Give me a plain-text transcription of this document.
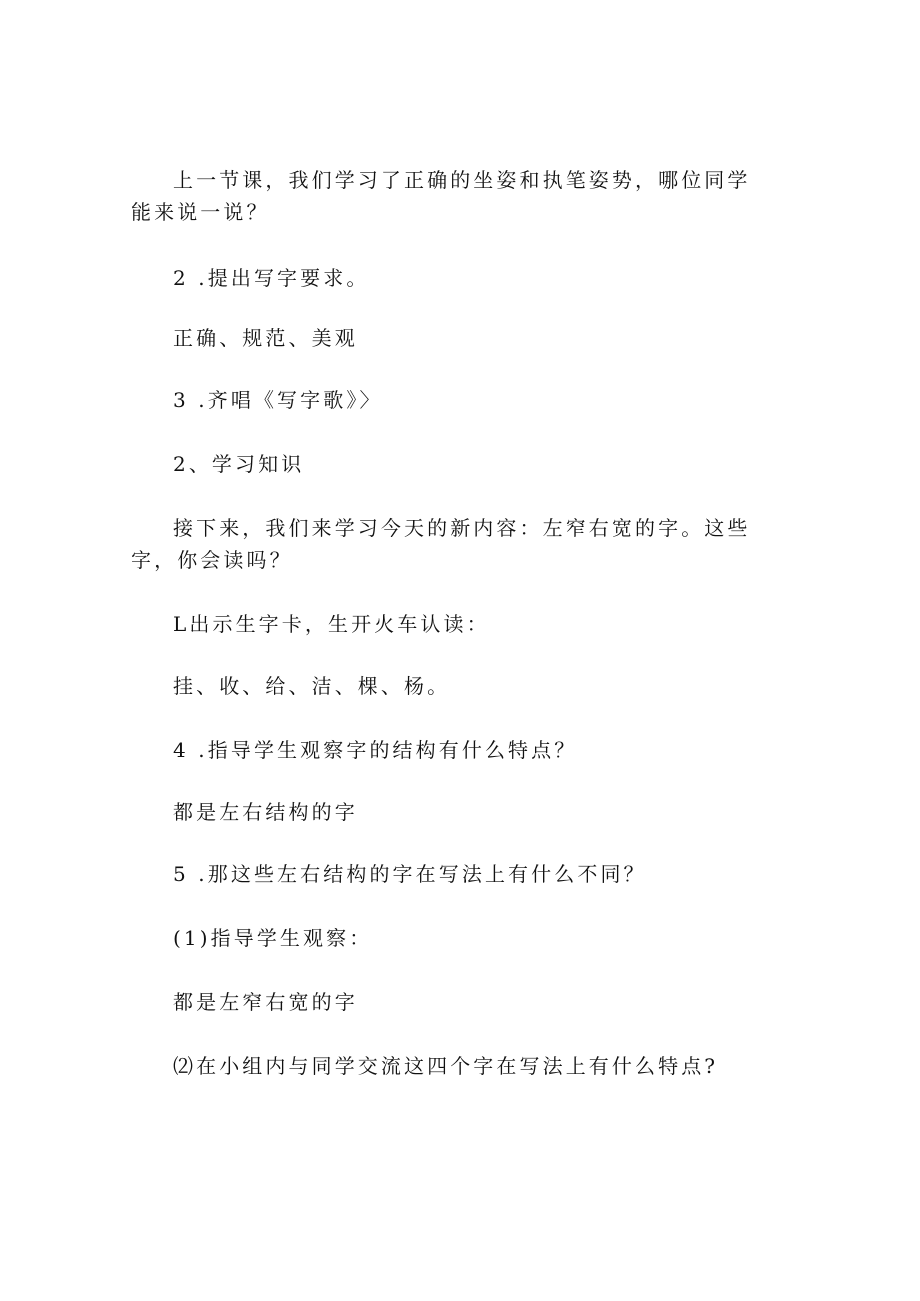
上一节课，我们学习了正确的坐姿和执笔姿势，哪位同学能来说一说？

2 .提出写字要求。

正确、规范、美观

3 .齐唱《写字歌》〉

2、学习知识

接下来，我们来学习今天的新内容：左窄右宽的字。这些字，你会读吗？

L出示生字卡，生开火车认读：

挂、收、给、洁、棵、杨。

4 .指导学生观察字的结构有什么特点？

都是左右结构的字

5 .那这些左右结构的字在写法上有什么不同？

(1)指导学生观察：

都是左窄右宽的字

⑵在小组内与同学交流这四个字在写法上有什么特点?
